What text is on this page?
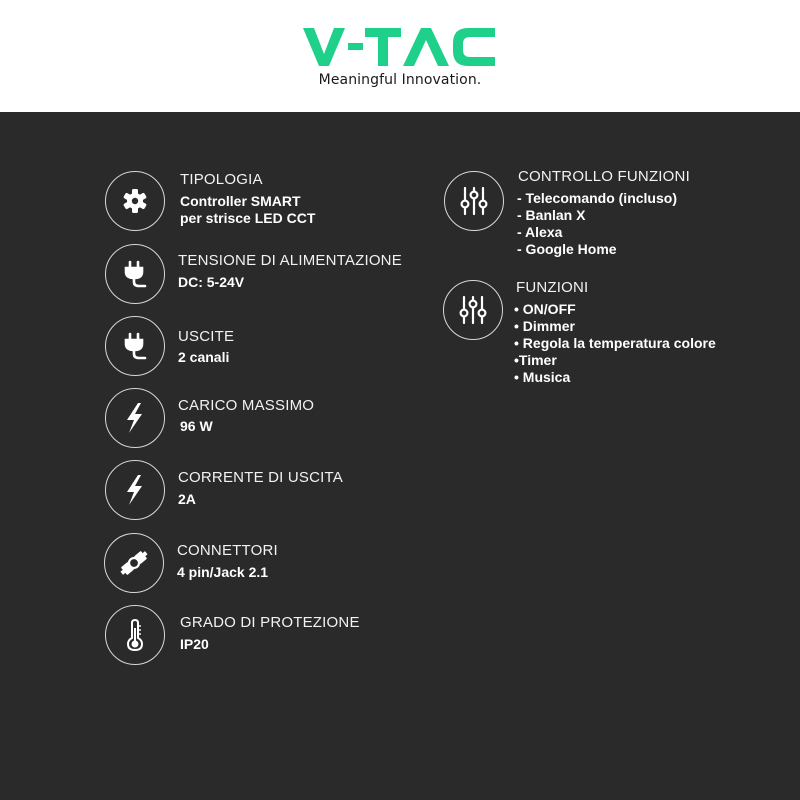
Meaningful Innovation.
TIPOLOGIA
Controller SMART
per strisce LED CCT
TENSIONE DI ALIMENTAZIONE
DC: 5-24V
USCITE
2 canali
CARICO MASSIMO
96 W
CORRENTE DI USCITA
2A
CONNETTORI
4 pin/Jack 2.1
GRADO DI PROTEZIONE
IP20
CONTROLLO FUNZIONI
- Telecomando (incluso)
- Banlan X
- Alexa
- Google Home
FUNZIONI
• ON/OFF
• Dimmer
• Regola la temperatura colore
•Timer
• Musica
